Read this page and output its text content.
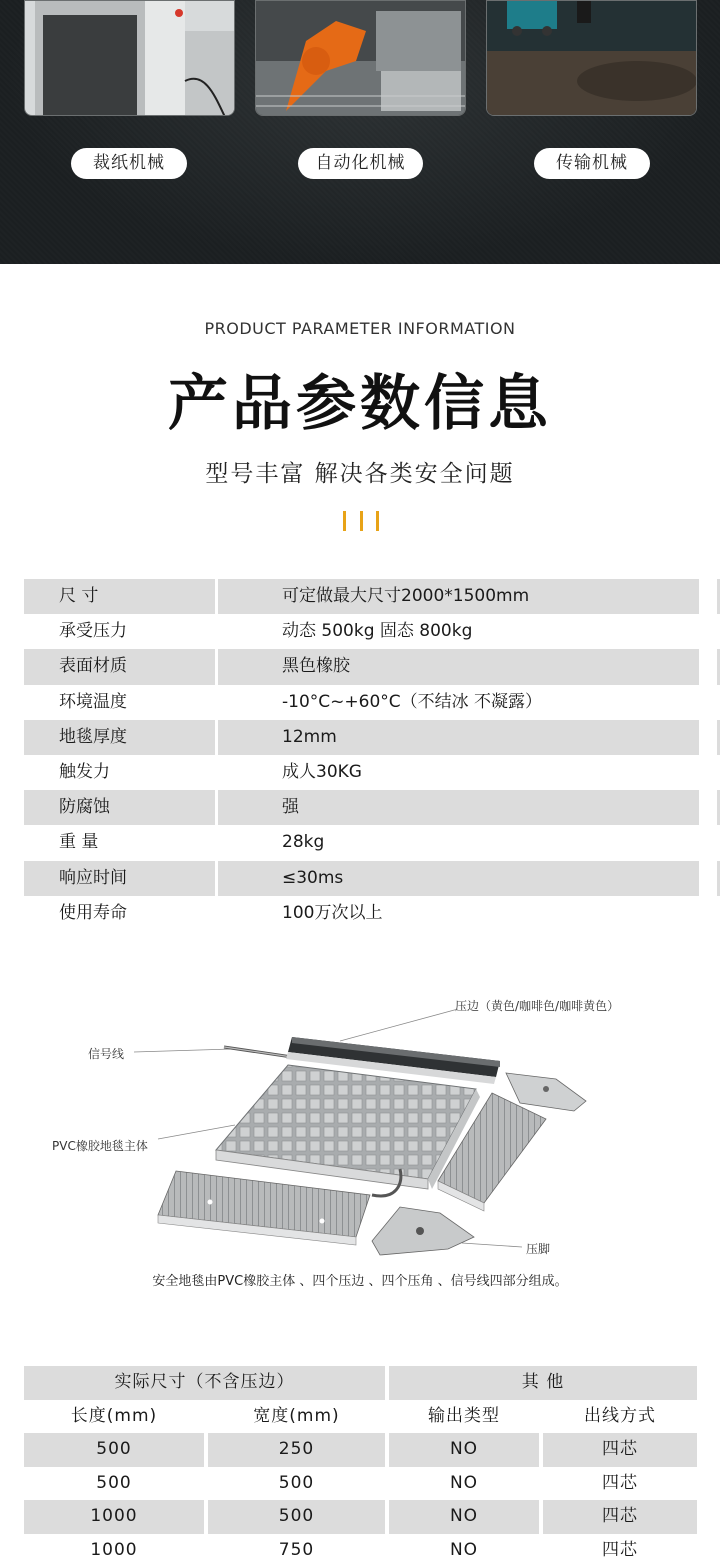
裁纸机械	自动化机械	传输机械
PRODUCT PARAMETER INFORMATION
产品参数信息
型号丰富 解决各类安全问题
尺 寸	可定做最大尺寸2000*1500mm
承受压力	动态 500kg 固态 800kg
表面材质	黑色橡胶
环境温度	-10°C~+60°C（不结冰 不凝露）
地毯厚度	12mm
触发力	成人30KG
防腐蚀	强
重 量	28kg
响应时间	≤30ms
使用寿命	100万次以上
压边（黄色/咖啡色/咖啡黄色）
信号线
PVC橡胶地毯主体
压脚
安全地毯由PVC橡胶主体 、四个压边 、四个压角 、信号线四部分组成。
实际尺寸（不含压边）	其 他
长度(mm)	宽度(mm)	输出类型	出线方式
500	250	NO	四芯
500	500	NO	四芯
1000	500	NO	四芯
1000	750	NO	四芯
